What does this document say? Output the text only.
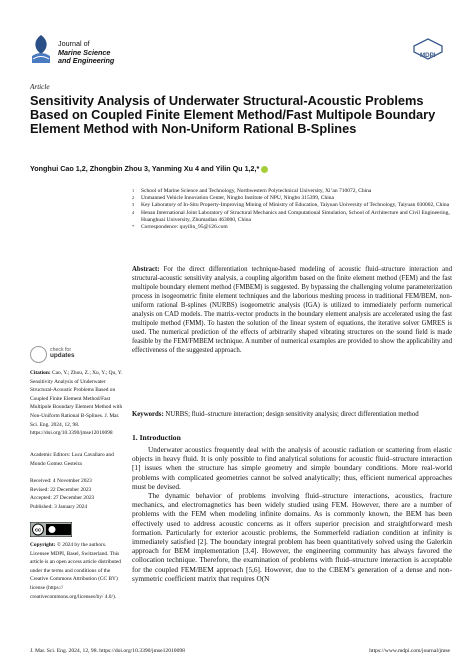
Journal of
Marine Science
and Engineering
MDPI
Article
Sensitivity Analysis of Underwater Structural-Acoustic Problems Based on Coupled Finite Element Method/Fast Multipole Boundary Element Method with Non-Uniform Rational B-Splines
Yonghui Cao 1,2, Zhongbin Zhou 3, Yanming Xu 4 and Yilin Qu 1,2,*
1 School of Marine Science and Technology, Northwestern Polytechnical University, Xi’an 710072, China
2 Unmanned Vehicle Innovation Center, Ningbo Institute of NPU, Ningbo 315399, China
3 Key Laboratory of In-Situ Property-Improving Mining of Ministry of Education, Taiyuan University of Technology, Taiyuan 030002, China
4 Henan International Joint Laboratory of Structural Mechanics and Computational Simulation, School of Architecture and Civil Engineering, Huanghuai University, Zhumadian 463000, China
* Correspondence: quyilin_95@126.com
Abstract: For the direct differentiation technique-based modeling of acoustic fluid–structure interaction and structural-acoustic sensitivity analysis, a coupling algorithm based on the finite element method (FEM) and the fast multipole boundary element method (FMBEM) is suggested. By bypassing the challenging volume parameterization process in isogeometric finite element techniques and the laborious meshing process in traditional FEM/BEM, non-uniform rational B-splines (NURBS) isogeometric analysis (IGA) is utilized to immediately perform numerical analysis on CAD models. The matrix-vector products in the boundary element analysis are accelerated using the fast multipole method (FMM). To hasten the solution of the linear system of equations, the iterative solver GMRES is used. The numerical prediction of the effects of arbitrarily shaped vibrating structures on the sound field is made feasible by the FEM/FMBEM technique. A number of numerical examples are provided to show the applicability and effectiveness of the suggested approach.
Keywords: NURBS; fluid–structure interaction; design sensitivity analysis; direct differentiation method
check for
updates
Citation: Cao, Y.; Zhou, Z.; Xu, Y.; Qu, Y. Sensitivity Analysis of Underwater Structural-Acoustic Problems Based on Coupled Finite Element Method/Fast Multipole Boundary Element Method with Non-Uniform Rational B-Splines. J. Mar. Sci. Eng. 2024, 12, 98. https://doi.org/10.3390/jmse12010098
Academic Editors: Luca Cavallaro and Mondo Gomez Gesteira
Received: 4 November 2023
Revised: 22 December 2023
Accepted: 27 December 2023
Published: 3 January 2024
cc
Copyright: © 2024 by the authors. Licensee MDPI, Basel, Switzerland. This article is an open access article distributed under the terms and conditions of the Creative Commons Attribution (CC BY) license (https:// creativecommons.org/licenses/by/ 4.0/).
1. Introduction

Underwater acoustics frequently deal with the analysis of acoustic radiation or scattering from elastic objects in heavy fluid. It is only possible to find analytical solutions for acoustic fluid–structure interaction [1] issues when the structure has simple geometry and simple boundary conditions. More real-world problems with complicated geometries cannot be solved analytically; thus, efficient numerical approaches must be devised.

The dynamic behavior of problems involving fluid–structure interactions, acoustics, fracture mechanics, and electromagnetics has been widely studied using FEM. However, there are a number of problems with the FEM when modeling infinite domains. As is commonly known, the BEM has been effectively used to address acoustic concerns as it offers superior precision and straightforward mesh formation. Particularly for exterior acoustic problems, the Sommerfeld radiation condition at infinity is immediately satisfied [2]. The boundary integral problem has been quantitatively solved using the Galerkin approach for BEM implementation [3,4]. However, the engineering community has always favored the collocation technique. Therefore, the examination of problems with fluid–structure interaction is acceptable for the coupled FEM/BEM approach [5,6]. However, due to the CBEM’s generation of a dense and non-symmetric coefficient matrix that requires O(N

J. Mar. Sci. Eng. 2024, 12, 98. https://doi.org/10.3390/jmse12010098	https://www.mdpi.com/journal/jmse
